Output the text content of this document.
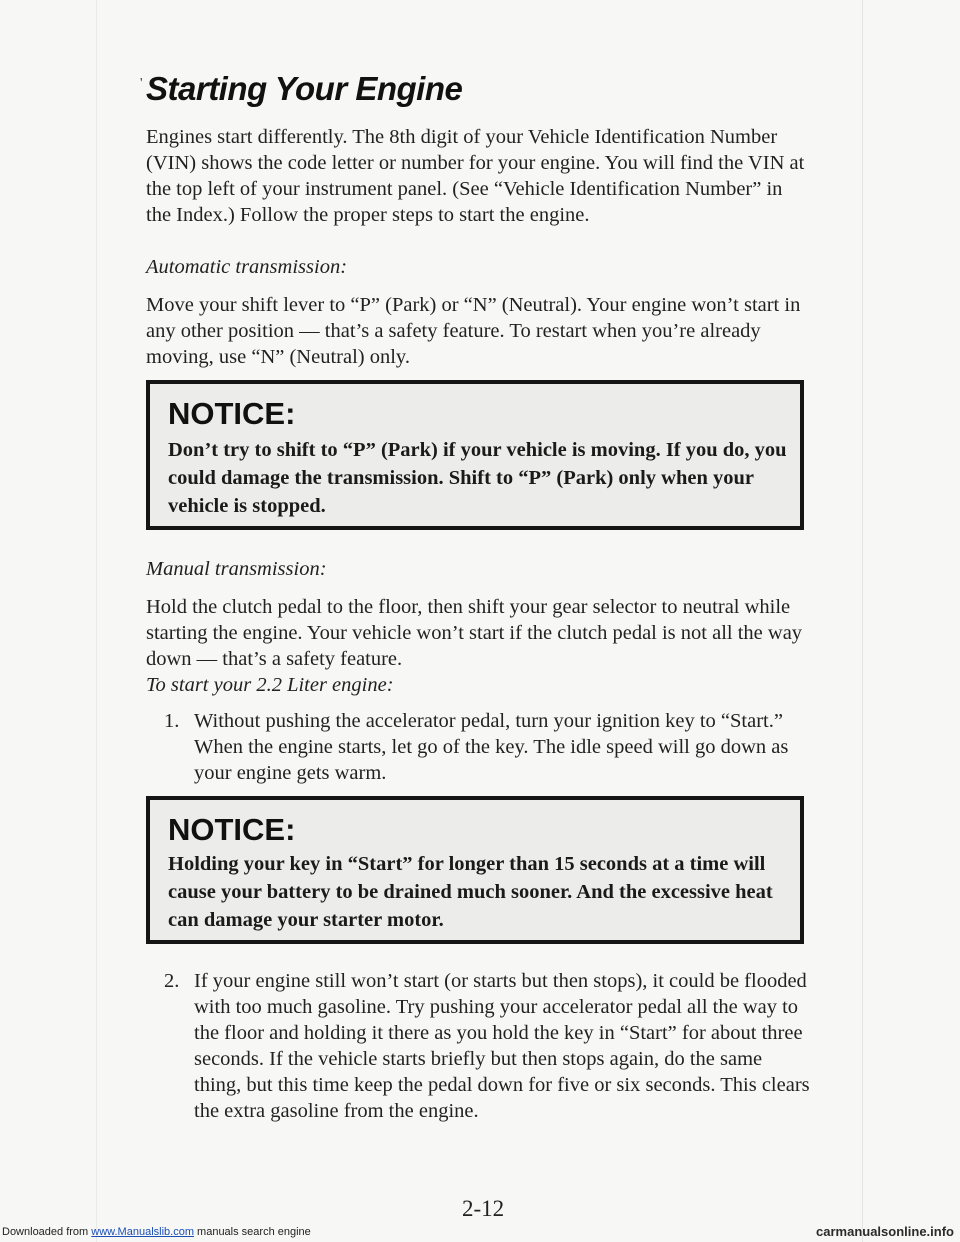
' Starting Your Engine

Engines start differently. The 8th digit of your Vehicle Identification Number (VIN) shows the code letter or number for your engine. You will find the VIN at the top left of your instrument panel. (See “Vehicle Identification Number” in the Index.) Follow the proper steps to start the engine.

Automatic transmission:

Move your shift lever to “P” (Park) or “N” (Neutral). Your engine won’t start in any other position — that’s a safety feature. To restart when you’re already moving, use “N” (Neutral) only.

NOTICE:

Don’t try to shift to “P” (Park) if your vehicle is moving. If you do, you could damage the transmission. Shift to “P” (Park) only when your vehicle is stopped.

Manual transmission:

Hold the clutch pedal to the floor, then shift your gear selector to neutral while starting the engine. Your vehicle won’t start if the clutch pedal is not all the way down — that’s a safety feature.

To start your 2.2 Liter engine:

1. Without pushing the accelerator pedal, turn your ignition key to “Start.” When the engine starts, let go of the key. The idle speed will go down as your engine gets warm.

NOTICE:

Holding your key in “Start” for longer than 15 seconds at a time will cause your battery to be drained much sooner. And the excessive heat can damage your starter motor.

2. If your engine still won’t start (or starts but then stops), it could be flooded with too much gasoline. Try pushing your accelerator pedal all the way to the floor and holding it there as you hold the key in “Start” for about three seconds. If the vehicle starts briefly but then stops again, do the same thing, but this time keep the pedal down for five or six seconds. This clears the extra gasoline from the engine.

2-12
Downloaded from www.Manualslib.com manuals search engine	carmanualsonline.info
